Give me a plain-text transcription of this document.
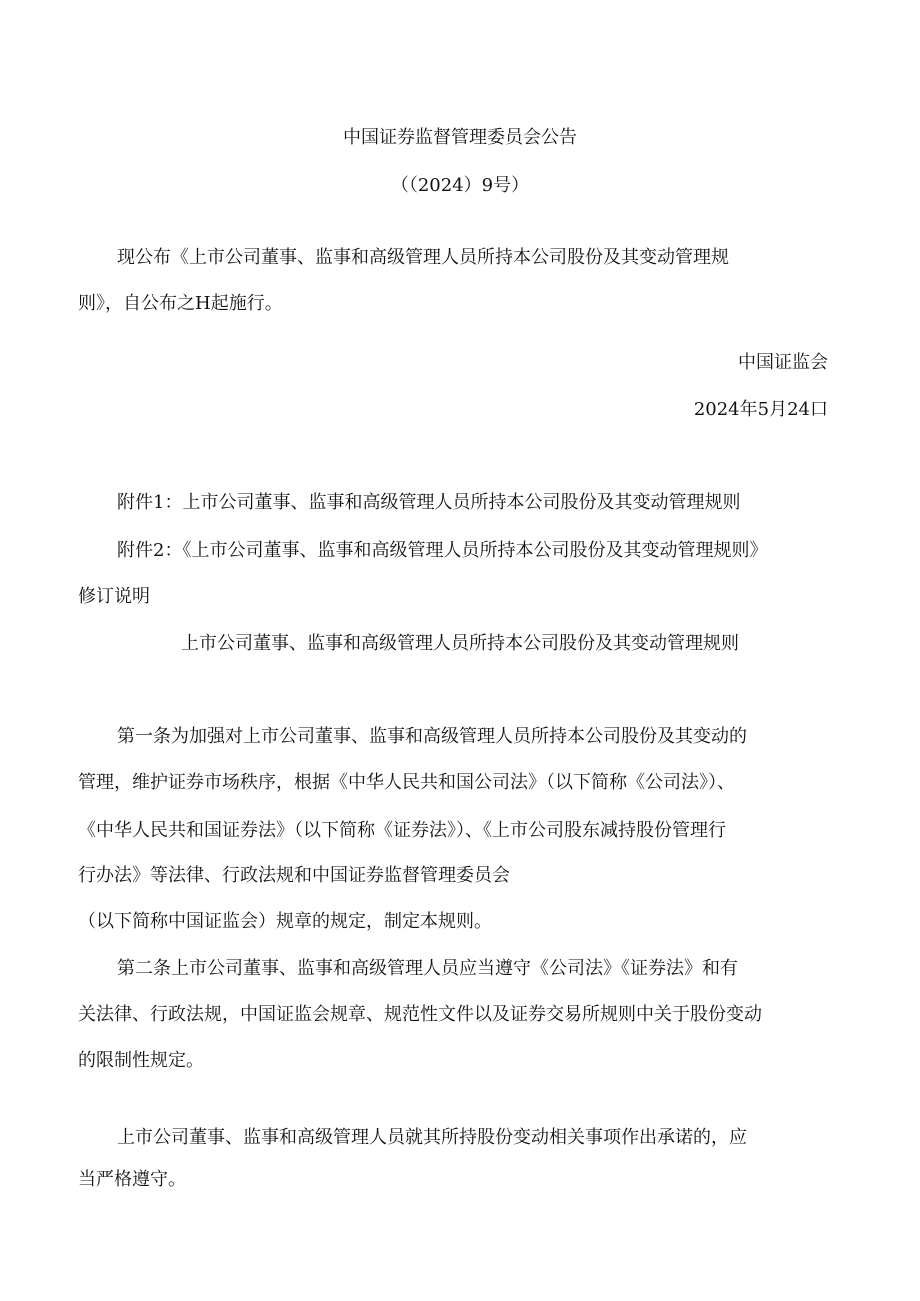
中国证券监督管理委员会公告
（（2024）9号）
现公布《上市公司董事、监事和高级管理人员所持本公司股份及其变动管理规
则》，自公布之H起施行。
中国证监会
2024年5月24口
附件1：上市公司董事、监事和高级管理人员所持本公司股份及其变动管理规则
附件2：《上市公司董事、监事和高级管理人员所持本公司股份及其变动管理规则》
修订说明
上市公司董事、监事和高级管理人员所持本公司股份及其变动管理规则
第一条为加强对上市公司董事、监事和高级管理人员所持本公司股份及其变动的
管理，维护证券市场秩序，根据《中华人民共和国公司法》（以下简称《公司法》）、
《中华人民共和国证券法》（以下简称《证券法》）、《上市公司股东减持股份管理行
行办法》等法律、行政法规和中国证券监督管理委员会
（以下简称中国证监会）规章的规定，制定本规则。
第二条上市公司董事、监事和高级管理人员应当遵守《公司法》《证券法》和有
关法律、行政法规，中国证监会规章、规范性文件以及证券交易所规则中关于股份变动
的限制性规定。
上市公司董事、监事和高级管理人员就其所持股份变动相关事项作出承诺的，应
当严格遵守。
